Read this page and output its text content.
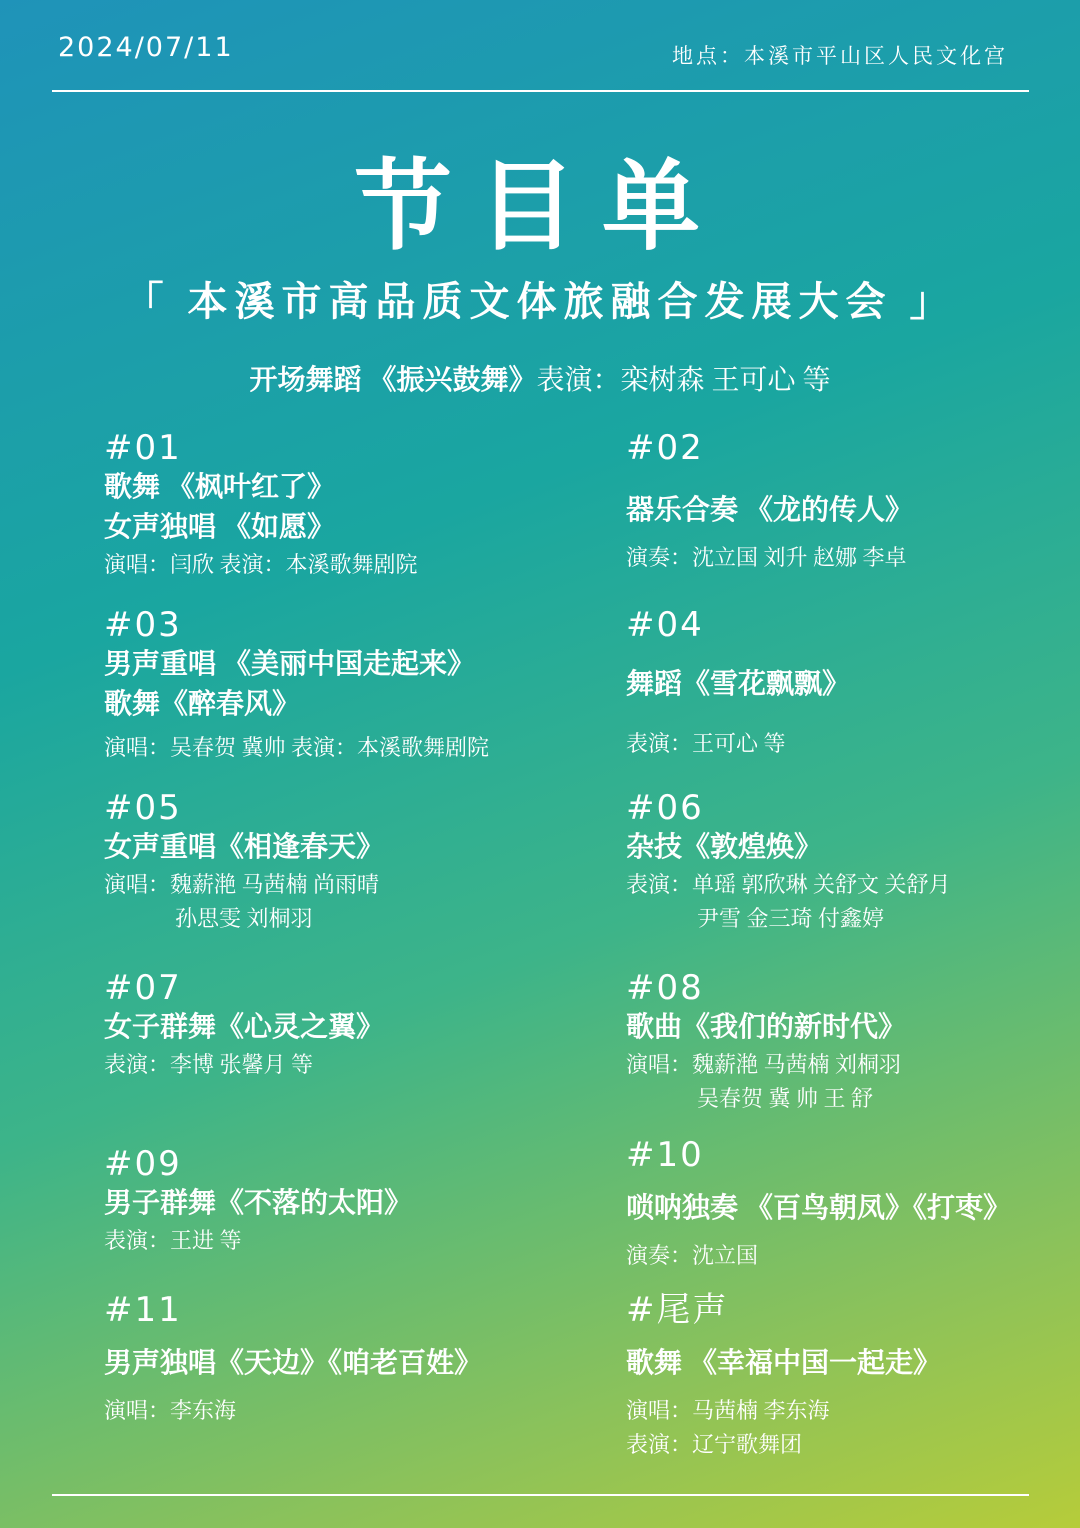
2024/07/11	地点：本溪市平山区人民文化宫
节目单
「 本溪市高品质文体旅融合发展大会 」
开场舞蹈 《振兴鼓舞》表演：栾树森 王可心 等
#01
歌舞 《枫叶红了》
女声独唱 《如愿》
演唱：闫欣 表演：本溪歌舞剧院
#02
器乐合奏 《龙的传人》
演奏：沈立国 刘升 赵娜 李卓
#03
男声重唱 《美丽中国走起来》
歌舞《醉春风》
演唱：吴春贺 冀帅 表演：本溪歌舞剧院
#04
舞蹈《雪花飘飘》
表演：王可心 等
#05
女声重唱《相逢春天》
演唱：魏薪滟 马茜楠 尚雨晴
孙思雯 刘桐羽
#06
杂技《敦煌焕》
表演：单瑶 郭欣琳 关舒文 关舒月
尹雪 金三琦 付鑫婷
#07
女子群舞《心灵之翼》
表演：李博 张馨月 等
#08
歌曲《我们的新时代》
演唱：魏薪滟 马茜楠 刘桐羽
吴春贺 冀 帅 王 舒
#09
男子群舞《不落的太阳》
表演：王进 等
#10
唢呐独奏 《百鸟朝凤》《打枣》
演奏：沈立国
#11
男声独唱《天边》《咱老百姓》
演唱：李东海
#尾声
歌舞 《幸福中国一起走》
演唱：马茜楠 李东海
表演：辽宁歌舞团
